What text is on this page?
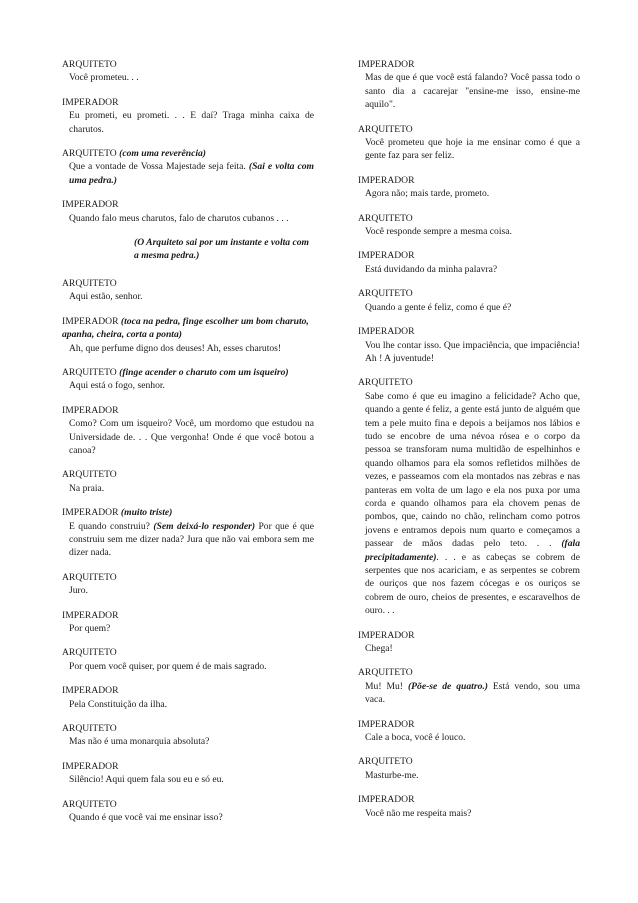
ARQUITETO
Você prometeu. . .
IMPERADOR
Eu prometi, eu prometi. . . E daí? Traga minha caixa de charutos.
ARQUITETO (com uma reverência)
Que a vontade de Vossa Majestade seja feita. (Sai e volta com uma pedra.)
IMPERADOR
Quando falo meus charutos, falo de charutos cubanos . . .
(O Arquiteto sai por um instante e volta com a mesma pedra.)
ARQUITETO
Aqui estão, senhor.
IMPERADOR (toca na pedra, finge escolher um bom charuto, apanha, cheira, corta a ponta)
Ah, que perfume digno dos deuses! Ah, esses charutos!
ARQUITETO (finge acender o charuto com um isqueiro)
Aqui está o fogo, senhor.
IMPERADOR
Como? Com um isqueiro? Você, um mordomo que estudou na Universidade de. . . Que vergonha! Onde é que você botou a canoa?
ARQUITETO
Na praia.
IMPERADOR (muito triste)
E quando construiu? (Sem deixá-lo responder) Por que é que construiu sem me dizer nada? Jura que não vai embora sem me dizer nada.
ARQUITETO
Juro.
IMPERADOR
Por quem?
ARQUITETO
Por quem você quiser, por quem é de mais sagrado.
IMPERADOR
Pela Constituição da ilha.
ARQUITETO
Mas não é uma monarquia absoluta?
IMPERADOR
Silêncio! Aqui quem fala sou eu e só eu.
ARQUITETO
Quando é que você vai me ensinar isso?
IMPERADOR
Mas de que é que você está falando? Você passa todo o santo dia a cacarejar "ensine-me isso, ensine-me aquilo".
ARQUITETO
Você prometeu que hoje ia me ensinar como é que a gente faz para ser feliz.
IMPERADOR
Agora não; mais tarde, prometo.
ARQUITETO
Você responde sempre a mesma coisa.
IMPERADOR
Está duvidando da minha palavra?
ARQUITETO
Quando a gente é feliz, como é que é?
IMPERADOR
Vou lhe contar isso. Que impaciência, que impaciência! Ah ! A juventude!
ARQUITETO
Sabe como é que eu imagino a felicidade? Acho que, quando a gente é feliz, a gente está junto de alguém que tem a pele muito fina e depois a beijamos nos lábios e tudo se encobre de uma névoa rósea e o corpo da pessoa se transforam numa multidão de espelhinhos e quando olhamos para ela somos refletidos milhões de vezes, e passeamos com ela montados nas zebras e nas panteras em volta de um lago e ela nos puxa por uma corda e quando olhamos para ela chovem penas de pombos, que, caindo no chão, relincham como potros jovens e entramos depois num quarto e começamos a passear de mãos dadas pelo teto. . . (fala precipitadamente). . . e as cabeças se cobrem de serpentes que nos acariciam, e as serpentes se cobrem de ouriços que nos fazem cócegas e os ouriços se cobrem de ouro, cheios de presentes, e escaravelhos de ouro. . .
IMPERADOR
Chega!
ARQUITETO
Mu! Mu! (Põe-se de quatro.) Está vendo, sou uma vaca.
IMPERADOR
Cale a boca, você é louco.
ARQUITETO
Masturbe-me.
IMPERADOR
Você não me respeita mais?
